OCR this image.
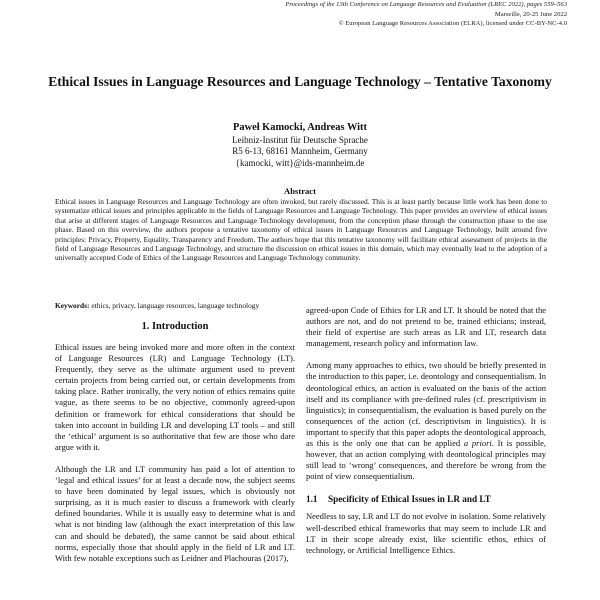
Proceedings of the 13th Conference on Language Resources and Evaluation (LREC 2022), pages 559–563
Marseille, 20-25 June 2022
© European Language Resources Association (ELRA), licensed under CC-BY-NC-4.0
Ethical Issues in Language Resources and Language Technology – Tentative Taxonomy
Paweł Kamocki, Andreas Witt
Leibniz-Institut für Deutsche Sprache
R5 6-13, 68161 Mannheim, Germany
{kamocki, witt}@ids-mannheim.de
Abstract

Ethical issues in Language Resources and Language Technology are often invoked, but rarely discussed. This is at least partly because little work has been done to systematize ethical issues and principles applicable in the fields of Language Resources and Language Technology. This paper provides an overview of ethical issues that arise at different stages of Language Resources and Language Technology development, from the conception phase through the construction phase to the use phase. Based on this overview, the authors propose a tentative taxonomy of ethical issues in Language Resources and Language Technology, built around five principles: Privacy, Property, Equality, Transparency and Freedom. The authors hope that this tentative taxonomy will facilitate ethical assessment of projects in the field of Language Resources and Language Technology, and structure the discussion on ethical issues in this domain, which may eventually lead to the adoption of a universally accepted Code of Ethics of the Language Resources and Language Technology community.

Keywords: ethics, privacy, language resources, language technology
1. Introduction

Ethical issues are being invoked more and more often in the context of Language Resources (LR) and Language Technology (LT). Frequently, they serve as the ultimate argument used to prevent certain projects from being carried out, or certain developments from taking place. Rather ironically, the very notion of ethics remains quite vague, as there seems to be no objective, commonly agreed-upon definition or framework for ethical considerations that should be taken into account in building LR and developing LT tools – and still the ‘ethical’ argument is so authoritative that few are those who dare argue with it.

Although the LR and LT community has paid a lot of attention to ‘legal and ethical issues’ for at least a decade now, the subject seems to have been dominated by legal issues, which is obviously not surprising, as it is much easier to discuss a framework with clearly defined boundaries. While it is usually easy to determine what is and what is not binding law (although the exact interpretation of this law can and should be debated), the same cannot be said about ethical norms, especially those that should apply in the field of LR and LT. With few notable exceptions such as Leidner and Plachouras (2017),

agreed-upon Code of Ethics for LR and LT. It should be noted that the authors are not, and do not pretend to be, trained ethicians; instead, their field of expertise are such areas as LR and LT, research data management, research policy and information law.

Among many approaches to ethics, two should be briefly presented in the introduction to this paper, i.e. deontology and consequentialism. In deontological ethics, an action is evaluated on the basis of the action itself and its compliance with pre-defined rules (cf. prescriptivism in linguistics); in consequentialism, the evaluation is based purely on the consequences of the action (cf. descriptivism in linguistics). It is important to specify that this paper adopts the deontological approach, as this is the only one that can be applied a priori. It is possible, however, that an action complying with deontological principles may still lead to ‘wrong’ consequences, and therefore be wrong from the point of view consequentialism.

1.1 Specificity of Ethical Issues in LR and LT

Needless to say, LR and LT do not evolve in isolation. Some relatively well-described ethical frameworks that may seem to include LR and LT in their scope already exist, like scientific ethos, ethics of technology, or Artificial Intelligence Ethics.
